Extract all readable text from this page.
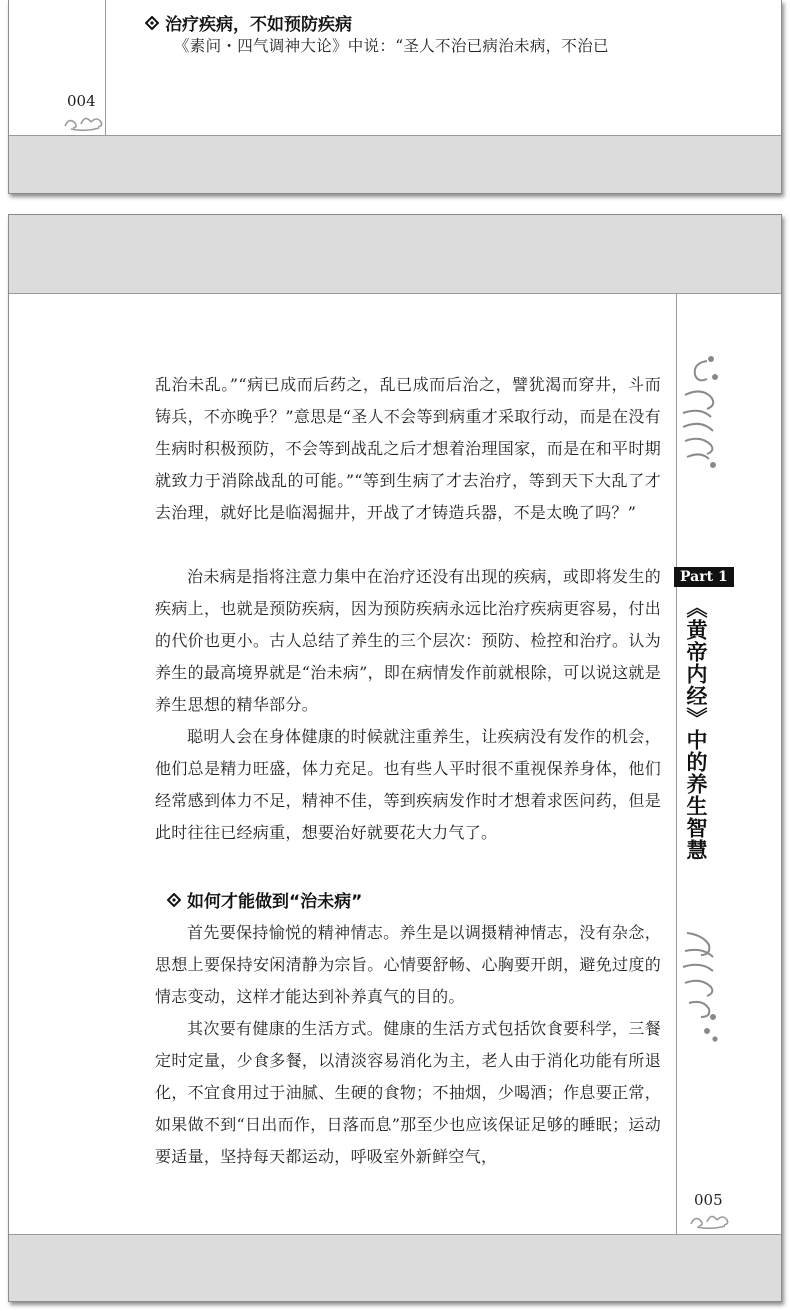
治疗疾病，不如预防疾病

《素问・四气调神大论》中说：“圣人不治已病治未病，不治已

004

乱治未乱。”“病已成而后药之，乱已成而后治之，譬犹渴而穿井，斗而铸兵，不亦晚乎？”意思是“圣人不会等到病重才采取行动，而是在没有生病时积极预防，不会等到战乱之后才想着治理国家，而是在和平时期就致力于消除战乱的可能。”“等到生病了才去治疗，等到天下大乱了才去治理，就好比是临渴掘井，开战了才铸造兵器，不是太晚了吗？”

治未病是指将注意力集中在治疗还没有出现的疾病，或即将发生的疾病上，也就是预防疾病，因为预防疾病永远比治疗疾病更容易，付出的代价也更小。古人总结了养生的三个层次：预防、检控和治疗。认为养生的最高境界就是“治未病”，即在病情发作前就根除，可以说这就是养生思想的精华部分。

聪明人会在身体健康的时候就注重养生，让疾病没有发作的机会，他们总是精力旺盛，体力充足。也有些人平时很不重视保养身体，他们经常感到体力不足，精神不佳，等到疾病发作时才想着求医问药，但是此时往往已经病重，想要治好就要花大力气了。

如何才能做到“治未病”

首先要保持愉悦的精神情志。养生是以调摄精神情志，没有杂念，思想上要保持安闲清静为宗旨。心情要舒畅、心胸要开朗，避免过度的情志变动，这样才能达到补养真气的目的。

其次要有健康的生活方式。健康的生活方式包括饮食要科学，三餐定时定量，少食多餐，以清淡容易消化为主，老人由于消化功能有所退化，不宜食用过于油腻、生硬的食物；不抽烟，少喝酒；作息要正常，如果做不到“日出而作，日落而息”那至少也应该保证足够的睡眠；运动要适量，坚持每天都运动，呼吸室外新鲜空气，

Part 1
《黄帝内经》中的养生智慧
005
